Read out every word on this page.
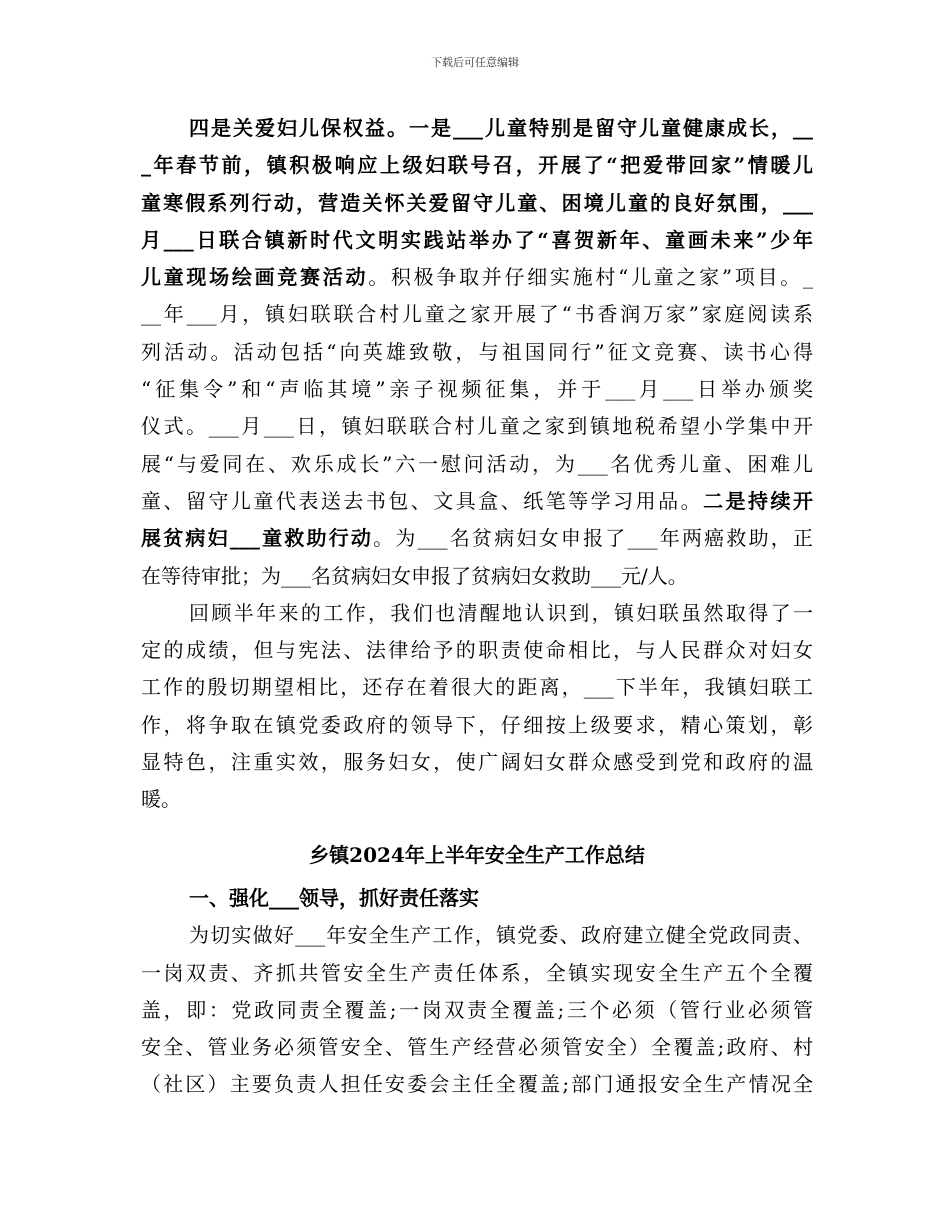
下载后可任意编辑
四是关爱妇儿保权益。一是___儿童特别是留守儿童健康成长，__
_年春节前，镇积极响应上级妇联号召，开展了“把爱带回家”情暖儿
童寒假系列行动，营造关怀关爱留守儿童、困境儿童的良好氛围，___
月___日联合镇新时代文明实践站举办了“喜贺新年、童画未来”少年
儿童现场绘画竞赛活动。积极争取并仔细实施村“儿童之家”项目。_
__年___月，镇妇联联合村儿童之家开展了“书香润万家”家庭阅读系
列活动。活动包括“向英雄致敬，与祖国同行”征文竞赛、读书心得
“征集令”和“声临其境”亲子视频征集，并于___月___日举办颁奖
仪式。___月___日，镇妇联联合村儿童之家到镇地税希望小学集中开
展“与爱同在、欢乐成长”六一慰问活动，为___名优秀儿童、困难儿
童、留守儿童代表送去书包、文具盒、纸笔等学习用品。二是持续开
展贫病妇___童救助行动。为___名贫病妇女申报了___年两癌救助，正
在等待审批；为___名贫病妇女申报了贫病妇女救助___元/人。
回顾半年来的工作，我们也清醒地认识到，镇妇联虽然取得了一
定的成绩，但与宪法、法律给予的职责使命相比，与人民群众对妇女
工作的殷切期望相比，还存在着很大的距离，___下半年，我镇妇联工
作，将争取在镇党委政府的领导下，仔细按上级要求，精心策划，彰
显特色，注重实效，服务妇女，使广阔妇女群众感受到党和政府的温
暖。
乡镇2024年上半年安全生产工作总结
一、强化___领导，抓好责任落实
为切实做好___年安全生产工作，镇党委、政府建立健全党政同责、
一岗双责、齐抓共管安全生产责任体系，全镇实现安全生产五个全覆
盖，即：党政同责全覆盖;一岗双责全覆盖;三个必须（管行业必须管
安全、管业务必须管安全、管生产经营必须管安全）全覆盖;政府、村
（社区）主要负责人担任安委会主任全覆盖;部门通报安全生产情况全
